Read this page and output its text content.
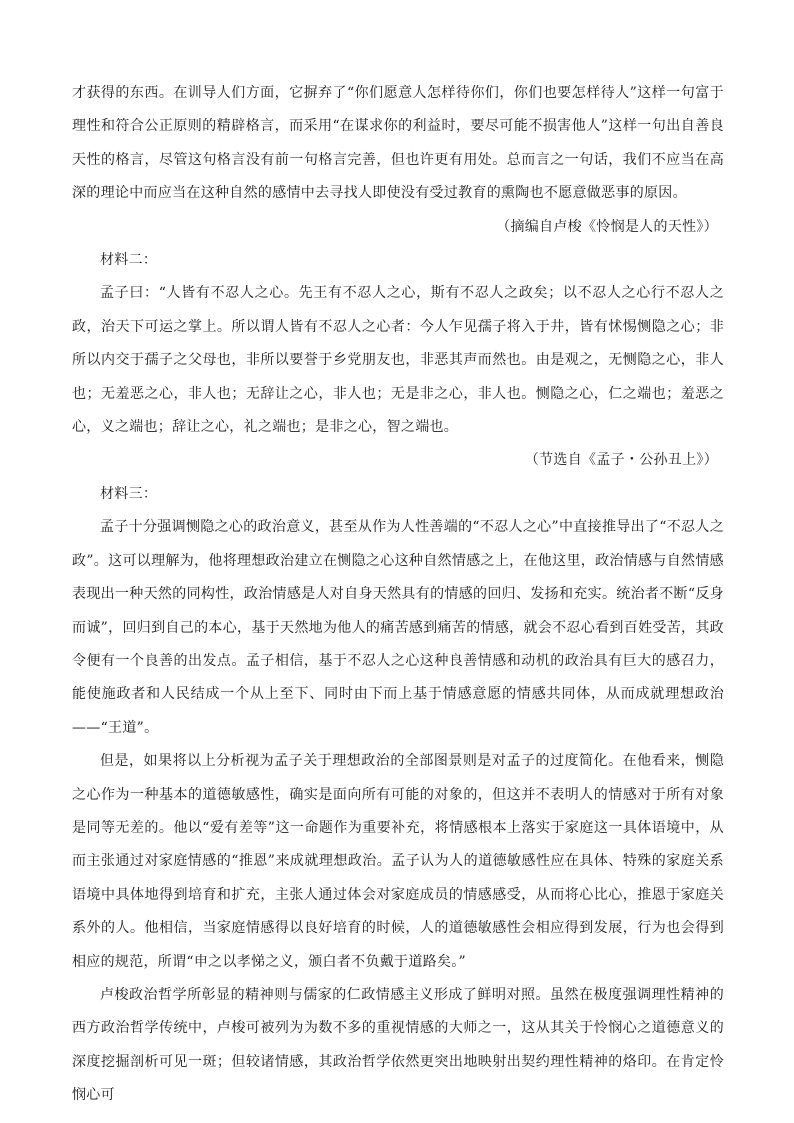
才获得的东西。在训导人们方面，它摒弃了“你们愿意人怎样待你们，你们也要怎样待人”这样一句富于理性和符合公正原则的精辟格言，而采用“在谋求你的利益时，要尽可能不损害他人”这样一句出自善良天性的格言，尽管这句格言没有前一句格言完善，但也许更有用处。总而言之一句话，我们不应当在高深的理论中而应当在这种自然的感情中去寻找人即使没有受过教育的熏陶也不愿意做恶事的原因。

（摘编自卢梭《怜悯是人的天性》）

材料二：

孟子曰：“人皆有不忍人之心。先王有不忍人之心，斯有不忍人之政矣；以不忍人之心行不忍人之政，治天下可运之掌上。所以谓人皆有不忍人之心者：今人乍见孺子将入于井，皆有怵惕恻隐之心；非所以内交于孺子之父母也，非所以要誉于乡党朋友也，非恶其声而然也。由是观之，无恻隐之心，非人也；无羞恶之心，非人也；无辞让之心，非人也；无是非之心，非人也。恻隐之心，仁之端也；羞恶之心，义之端也；辞让之心，礼之端也；是非之心，智之端也。

（节选自《孟子・公孙丑上》）

材料三：

孟子十分强调恻隐之心的政治意义，甚至从作为人性善端的“不忍人之心”中直接推导出了“不忍人之政”。这可以理解为，他将理想政治建立在恻隐之心这种自然情感之上，在他这里，政治情感与自然情感表现出一种天然的同构性，政治情感是人对自身天然具有的情感的回归、发扬和充实。统治者不断“反身而诚”，回归到自己的本心，基于天然地为他人的痛苦感到痛苦的情感，就会不忍心看到百姓受苦，其政令便有一个良善的出发点。孟子相信，基于不忍人之心这种良善情感和动机的政治具有巨大的感召力，能使施政者和人民结成一个从上至下、同时由下而上基于情感意愿的情感共同体，从而成就理想政治——“王道”。

但是，如果将以上分析视为孟子关于理想政治的全部图景则是对孟子的过度简化。在他看来，恻隐之心作为一种基本的道德敏感性，确实是面向所有可能的对象的，但这并不表明人的情感对于所有对象是同等无差的。他以“爱有差等”这一命题作为重要补充，将情感根本上落实于家庭这一具体语境中，从而主张通过对家庭情感的“推恩”来成就理想政治。孟子认为人的道德敏感性应在具体、特殊的家庭关系语境中具体地得到培育和扩充，主张人通过体会对家庭成员的情感感受，从而将心比心，推恩于家庭关系外的人。他相信，当家庭情感得以良好培育的时候，人的道德敏感性会相应得到发展，行为也会得到相应的规范，所谓“申之以孝悌之义，颁白者不负戴于道路矣。”

卢梭政治哲学所彰显的精神则与儒家的仁政情感主义形成了鲜明对照。虽然在极度强调理性精神的西方政治哲学传统中，卢梭可被列为为数不多的重视情感的大师之一，这从其关于怜悯心之道德意义的深度挖掘剖析可见一斑；但较诸情感，其政治哲学依然更突出地映射出契约理性精神的烙印。在肯定怜悯心可
